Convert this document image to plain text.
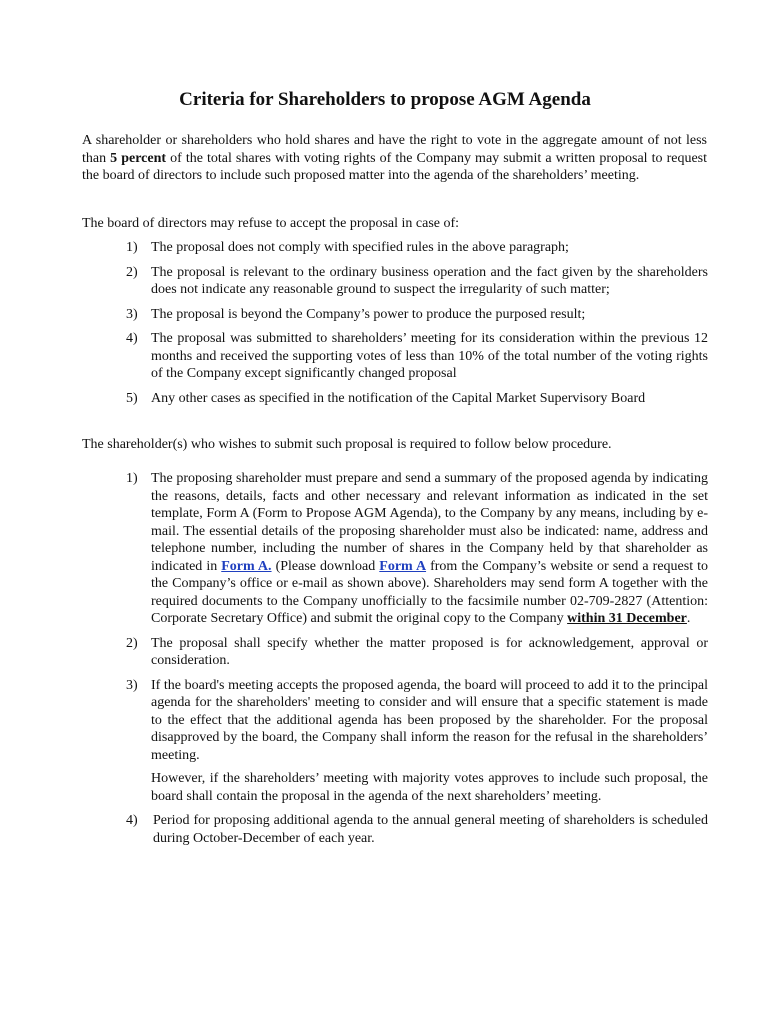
Criteria for Shareholders to propose AGM Agenda

A shareholder or shareholders who hold shares and have the right to vote in the aggregate amount of not less than 5 percent of the total shares with voting rights of the Company may submit a written proposal to request the board of directors to include such proposed matter into the agenda of the shareholders’ meeting.

The board of directors may refuse to accept the proposal in case of:

1) The proposal does not comply with specified rules in the above paragraph;
2) The proposal is relevant to the ordinary business operation and the fact given by the shareholders does not indicate any reasonable ground to suspect the irregularity of such matter;
3) The proposal is beyond the Company’s power to produce the purposed result;
4) The proposal was submitted to shareholders’ meeting for its consideration within the previous 12 months and received the supporting votes of less than 10% of the total number of the voting rights of the Company except significantly changed proposal
5) Any other cases as specified in the notification of the Capital Market Supervisory Board

The shareholder(s) who wishes to submit such proposal is required to follow below procedure.

1) The proposing shareholder must prepare and send a summary of the proposed agenda by indicating the reasons, details, facts and other necessary and relevant information as indicated in the set template, Form A (Form to Propose AGM Agenda), to the Company by any means, including by e-mail. The essential details of the proposing shareholder must also be indicated: name, address and telephone number, including the number of shares in the Company held by that shareholder as indicated in Form A. (Please download Form A from the Company’s website or send a request to the Company’s office or e-mail as shown above). Shareholders may send form A together with the required documents to the Company unofficially to the facsimile number 02-709-2827 (Attention: Corporate Secretary Office) and submit the original copy to the Company within 31 December.
2) The proposal shall specify whether the matter proposed is for acknowledgement, approval or consideration.
3) If the board's meeting accepts the proposed agenda, the board will proceed to add it to the principal agenda for the shareholders' meeting to consider and will ensure that a specific statement is made to the effect that the additional agenda has been proposed by the shareholder. For the proposal disapproved by the board, the Company shall inform the reason for the refusal in the shareholders’ meeting.
However, if the shareholders’ meeting with majority votes approves to include such proposal, the board shall contain the proposal in the agenda of the next shareholders’ meeting.
4) Period for proposing additional agenda to the annual general meeting of shareholders is scheduled during October-December of each year.
